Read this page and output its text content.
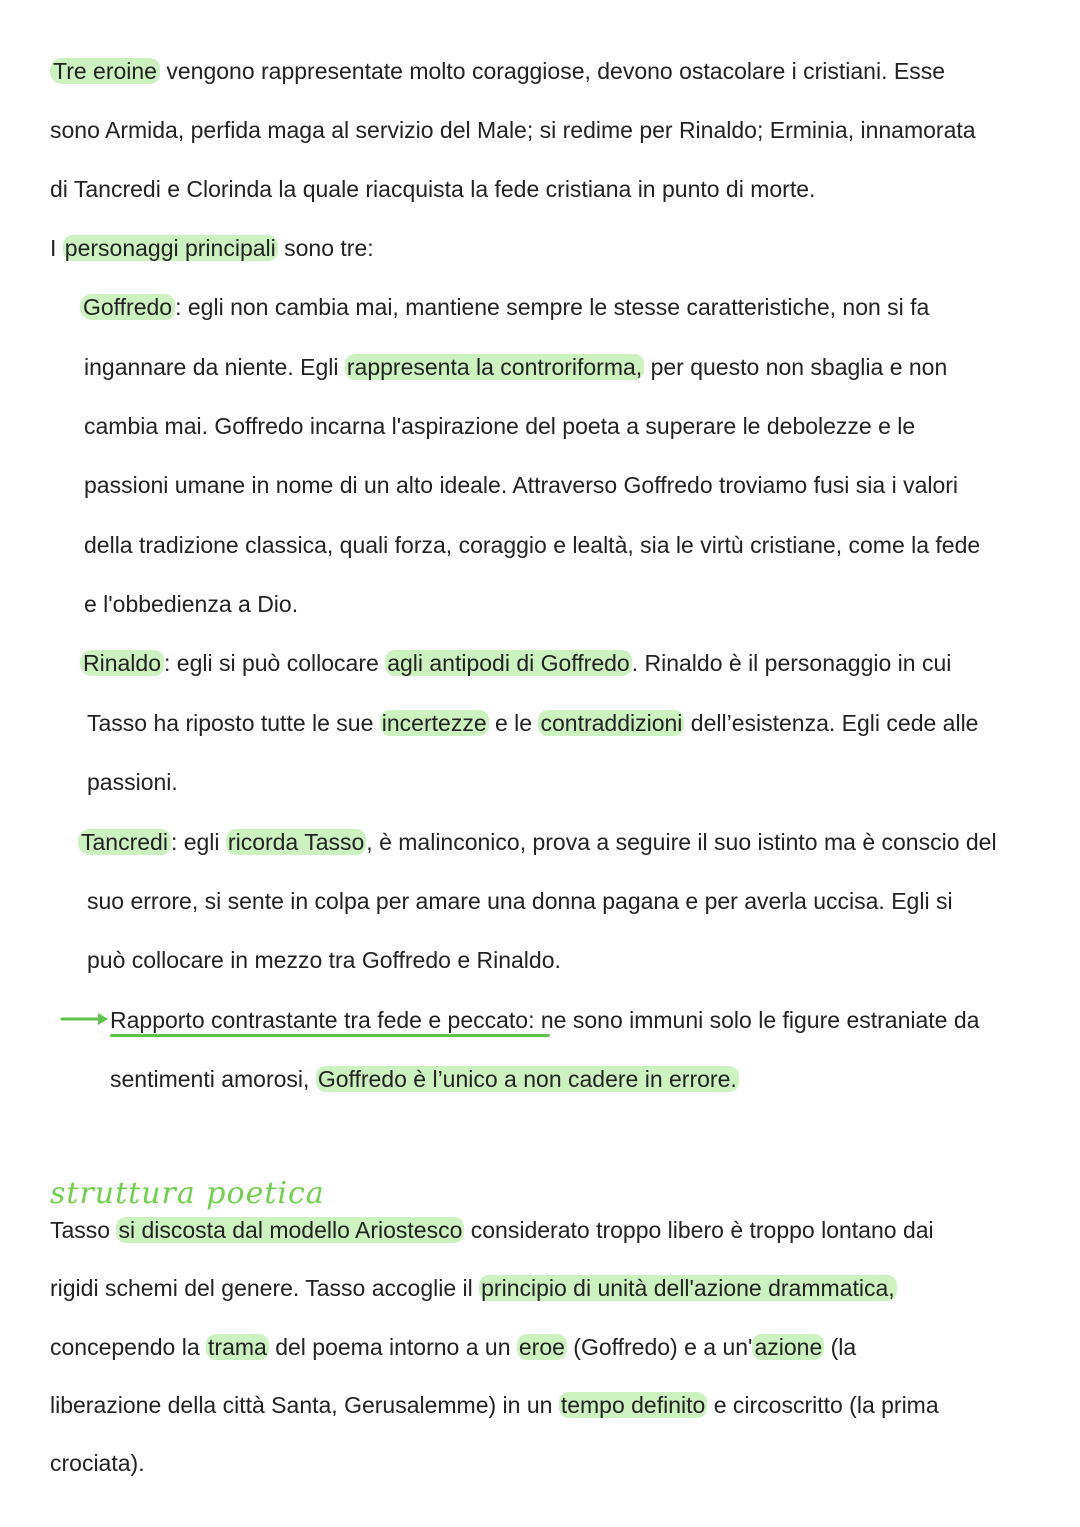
Tre eroine vengono rappresentate molto coraggiose, devono ostacolare i cristiani. Esse
sono Armida, perfida maga al servizio del Male; si redime per Rinaldo; Erminia, innamorata
di Tancredi e Clorinda la quale riacquista la fede cristiana in punto di morte.
I personaggi principali sono tre:
Goffredo : egli non cambia mai, mantiene sempre le stesse caratteristiche, non si fa
ingannare da niente. Egli rappresenta la controriforma, per questo non sbaglia e non
cambia mai. Goffredo incarna l'aspirazione del poeta a superare le debolezze e le
passioni umane in nome di un alto ideale. Attraverso Goffredo troviamo fusi sia i valori
della tradizione classica, quali forza, coraggio e lealtà, sia le virtù cristiane, come la fede
e l'obbedienza a Dio.
Rinaldo : egli si può collocare agli antipodi di Goffredo. Rinaldo è il personaggio in cui
Tasso ha riposto tutte le sue incertezze e le contraddizioni dell’esistenza. Egli cede alle
passioni.
Tancredi : egli ricorda Tasso, è malinconico, prova a seguire il suo istinto ma è conscio del
suo errore, si sente in colpa per amare una donna pagana e per averla uccisa. Egli si
può collocare in mezzo tra Goffredo e Rinaldo.
Rapporto contrastante tra fede e peccato: ne sono immuni solo le figure estraniate da
sentimenti amorosi, Goffredo è l’unico a non cadere in errore.
struttura poetica
Tasso si discosta dal modello Ariostesco considerato troppo libero è troppo lontano dai
rigidi schemi del genere. Tasso accoglie il principio di unità dell'azione drammatica,
concependo la trama del poema intorno a un eroe (Goffredo) e a un'azione (la
liberazione della città Santa, Gerusalemme) in un tempo definito e circoscritto (la prima
crociata).
